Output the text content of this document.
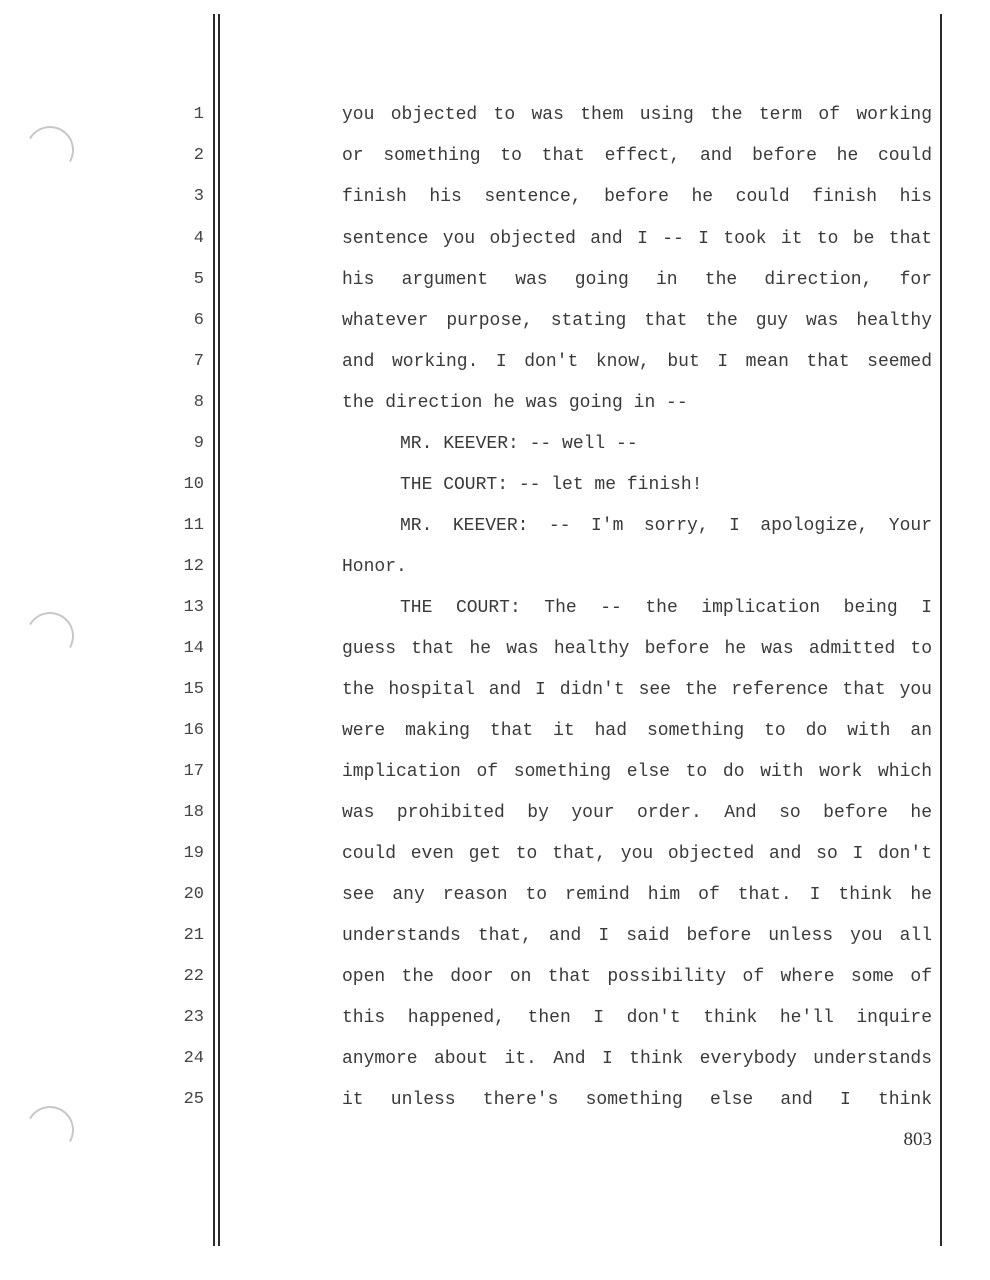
1	you objected to was them using the term of working
2	or something to that effect, and before he could
3	finish his sentence, before he could finish his
4	sentence you objected and I -- I took it to be that
5	his argument was going in the direction, for
6	whatever purpose, stating that the guy was healthy
7	and working. I don't know, but I mean that seemed
8	the direction he was going in --
9	MR. KEEVER: -- well --
10	THE COURT: -- let me finish!
11	MR. KEEVER: -- I'm sorry, I apologize, Your
12	Honor.
13	THE COURT: The -- the implication being I
14	guess that he was healthy before he was admitted to
15	the hospital and I didn't see the reference that you
16	were making that it had something to do with an
17	implication of something else to do with work which
18	was prohibited by your order. And so before he
19	could even get to that, you objected and so I don't
20	see any reason to remind him of that. I think he
21	understands that, and I said before unless you all
22	open the door on that possibility of where some of
23	this happened, then I don't think he'll inquire
24	anymore about it. And I think everybody understands
25	it unless there's something else and I think
803
